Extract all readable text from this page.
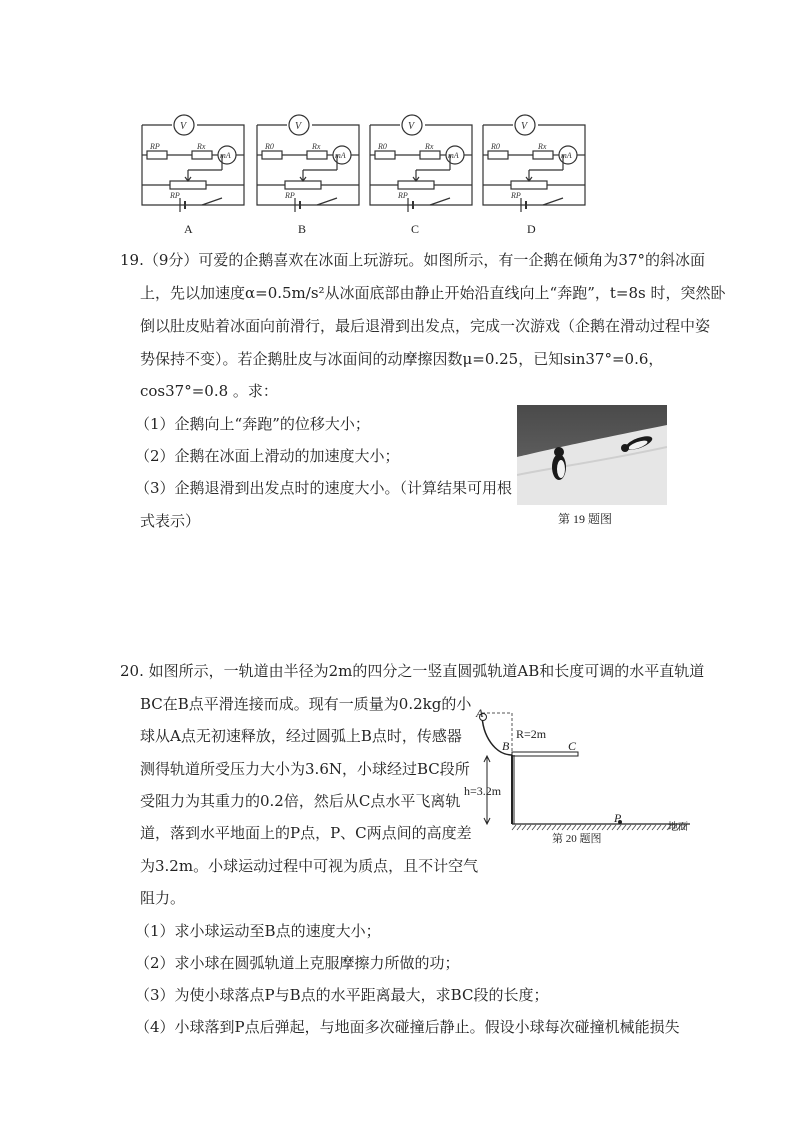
V
mA
RP	Rx
RP
V
mA
R0	Rx
RP
V
mA
R0	Rx
RP
V
mA
R0	Rx
RP
A	B	C	D
19.（9分）可爱的企鹅喜欢在冰面上玩游玩。如图所示，有一企鹅在倾角为37°的斜冰面
上，先以加速度α=0.5m/s²从冰面底部由静止开始沿直线向上“奔跑”，t=8s 时，突然卧
倒以肚皮贴着冰面向前滑行，最后退滑到出发点，完成一次游戏（企鹅在滑动过程中姿
势保持不变）。若企鹅肚皮与冰面间的动摩擦因数μ=0.25，已知sin37°=0.6，
cos37°=0.8 。求：
（1）企鹅向上“奔跑”的位移大小；
（2）企鹅在冰面上滑动的加速度大小；
（3）企鹅退滑到出发点时的速度大小。（计算结果可用根
式表示）	第 19 题图
20. 如图所示，一轨道由半径为2m的四分之一竖直圆弧轨道AB和长度可调的水平直轨道
BC在B点平滑连接而成。现有一质量为0.2kg的小
球从A点无初速释放，经过圆弧上B点时，传感器
测得轨道所受压力大小为3.6N，小球经过BC段所
受阻力为其重力的0.2倍，然后从C点水平飞离轨
道，落到水平地面上的P点，P、C两点间的高度差
为3.2m。小球运动过程中可视为质点，且不计空气
阻力。
（1）求小球运动至B点的速度大小；
（2）求小球在圆弧轨道上克服摩擦力所做的功；
（3）为使小球落点P与B点的水平距离最大，求BC段的长度；
（4）小球落到P点后弹起，与地面多次碰撞后静止。假设小球每次碰撞机械能损失
A
R=2m
B	C
h=3.2m
P
地面
第 20 题图
